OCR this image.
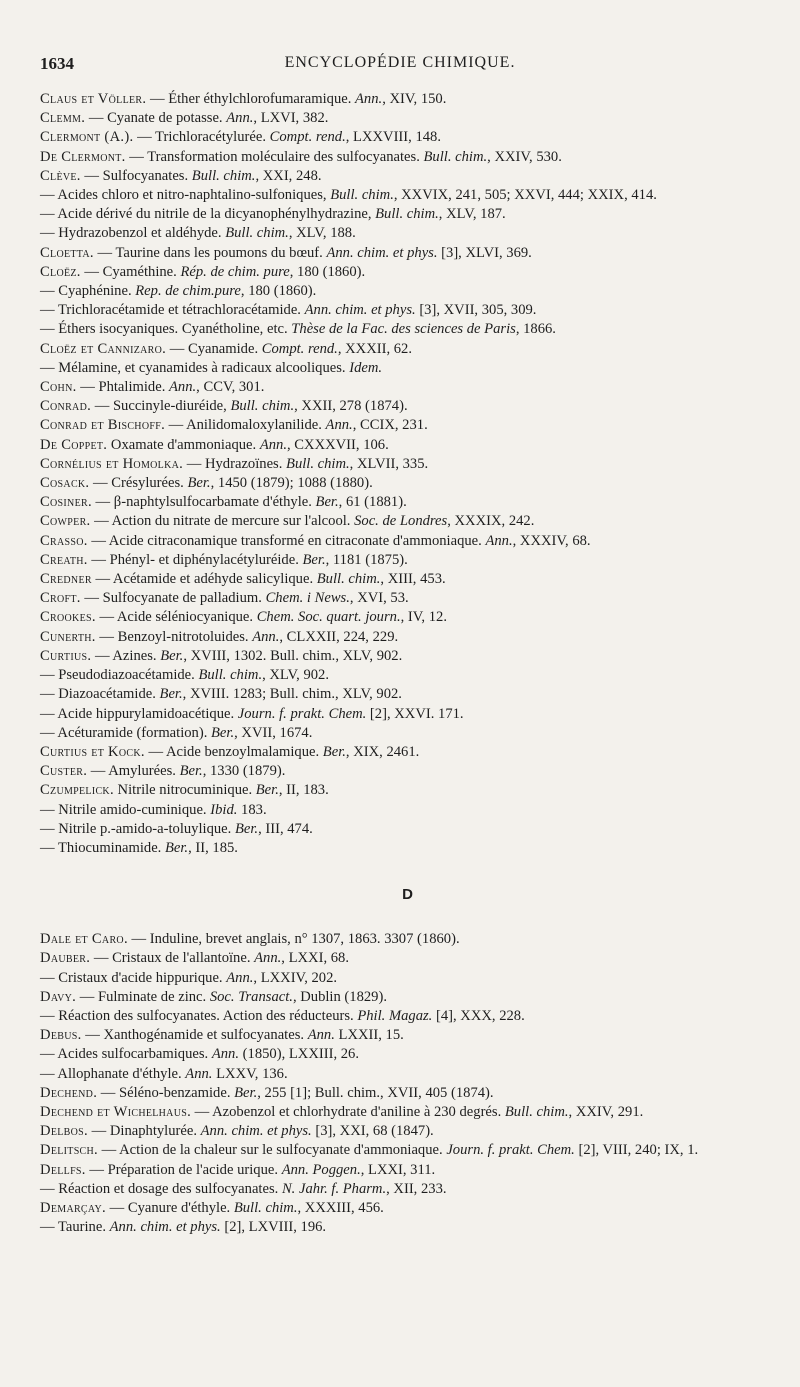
1634	ENCYCLOPÉDIE CHIMIQUE.

Claus et Völler. — Éther éthylchlorofumaramique. Ann., XIV, 150.

Clemm. — Cyanate de potasse. Ann., LXVI, 382.

Clermont (A.). — Trichloracétylurée. Compt. rend., LXXVIII, 148.

De Clermont. — Transformation moléculaire des sulfocyanates. Bull. chim., XXIV, 530.

Clève. — Sulfocyanates. Bull. chim., XXI, 248.

— Acides chloro et nitro-naphtalino-sulfoniques, Bull. chim., XXVIX, 241, 505; XXVI, 444; XXIX, 414.

— Acide dérivé du nitrile de la dicyanophénylhydrazine, Bull. chim., XLV, 187.

— Hydrazobenzol et aldéhyde. Bull. chim., XLV, 188.

Cloetta. — Taurine dans les poumons du bœuf. Ann. chim. et phys. [3], XLVI, 369.

Cloëz. — Cyaméthine. Rép. de chim. pure, 180 (1860).

— Cyaphénine. Rep. de chim.pure, 180 (1860).

— Trichloracétamide et tétrachloracétamide. Ann. chim. et phys. [3], XVII, 305, 309.

— Éthers isocyaniques. Cyanétholine, etc. Thèse de la Fac. des sciences de Paris, 1866.

Cloëz et Cannizaro. — Cyanamide. Compt. rend., XXXII, 62.

— Mélamine, et cyanamides à radicaux alcooliques. Idem.

Cohn. — Phtalimide. Ann., CCV, 301.

Conrad. — Succinyle-diuréide, Bull. chim., XXII, 278 (1874).

Conrad et Bischoff. — Anilidomaloxylanilide. Ann., CCIX, 231.

De Coppet. Oxamate d'ammoniaque. Ann., CXXXVII, 106.

Cornélius et Homolka. — Hydrazoïnes. Bull. chim., XLVII, 335.

Cosack. — Crésylurées. Ber., 1450 (1879); 1088 (1880).

Cosiner. — β-naphtylsulfocarbamate d'éthyle. Ber., 61 (1881).

Cowper. — Action du nitrate de mercure sur l'alcool. Soc. de Londres, XXXIX, 242.

Crasso. — Acide citraconamique transformé en citraconate d'ammoniaque. Ann., XXXIV, 68.

Creath. — Phényl- et diphénylacétyluréide. Ber., 1181 (1875).

Credner — Acétamide et adéhyde salicylique. Bull. chim., XIII, 453.

Croft. — Sulfocyanate de palladium. Chem. i News., XVI, 53.

Crookes. — Acide séléniocyanique. Chem. Soc. quart. journ., IV, 12.

Cunerth. — Benzoyl-nitrotoluides. Ann., CLXXII, 224, 229.

Curtius. — Azines. Ber., XVIII, 1302. Bull. chim., XLV, 902.

— Pseudodiazoacétamide. Bull. chim., XLV, 902.

— Diazoacétamide. Ber., XVIII. 1283; Bull. chim., XLV, 902.

— Acide hippurylamidoacétique. Journ. f. prakt. Chem. [2], XXVI. 171.

— Acéturamide (formation). Ber., XVII, 1674.

Curtius et Kock. — Acide benzoylmalamique. Ber., XIX, 2461.

Custer. — Amylurées. Ber., 1330 (1879).

Czumpelick. Nitrile nitrocuminique. Ber., II, 183.

— Nitrile amido-cuminique. Ibid. 183.

— Nitrile p.-amido-a-toluylique. Ber., III, 474.

— Thiocuminamide. Ber., II, 185.

D

Dale et Caro. — Induline, brevet anglais, n° 1307, 1863. 3307 (1860).

Dauber. — Cristaux de l'allantoïne. Ann., LXXI, 68.

— Cristaux d'acide hippurique. Ann., LXXIV, 202.

Davy. — Fulminate de zinc. Soc. Transact., Dublin (1829).

— Réaction des sulfocyanates. Action des réducteurs. Phil. Magaz. [4], XXX, 228.

Debus. — Xanthogénamide et sulfocyanates. Ann. LXXII, 15.

— Acides sulfocarbamiques. Ann. (1850), LXXIII, 26.

— Allophanate d'éthyle. Ann. LXXV, 136.

Dechend. — Séléno-benzamide. Ber., 255 [1]; Bull. chim., XVII, 405 (1874).

Dechend et Wichelhaus. — Azobenzol et chlorhydrate d'aniline à 230 degrés. Bull. chim., XXIV, 291.

Delbos. — Dinaphtylurée. Ann. chim. et phys. [3], XXI, 68 (1847).

Delitsch. — Action de la chaleur sur le sulfocyanate d'ammoniaque. Journ. f. prakt. Chem. [2], VIII, 240; IX, 1.

Dellfs. — Préparation de l'acide urique. Ann. Poggen., LXXI, 311.

— Réaction et dosage des sulfocyanates. N. Jahr. f. Pharm., XII, 233.

Demarçay. — Cyanure d'éthyle. Bull. chim., XXXIII, 456.

— Taurine. Ann. chim. et phys. [2], LXVIII, 196.
